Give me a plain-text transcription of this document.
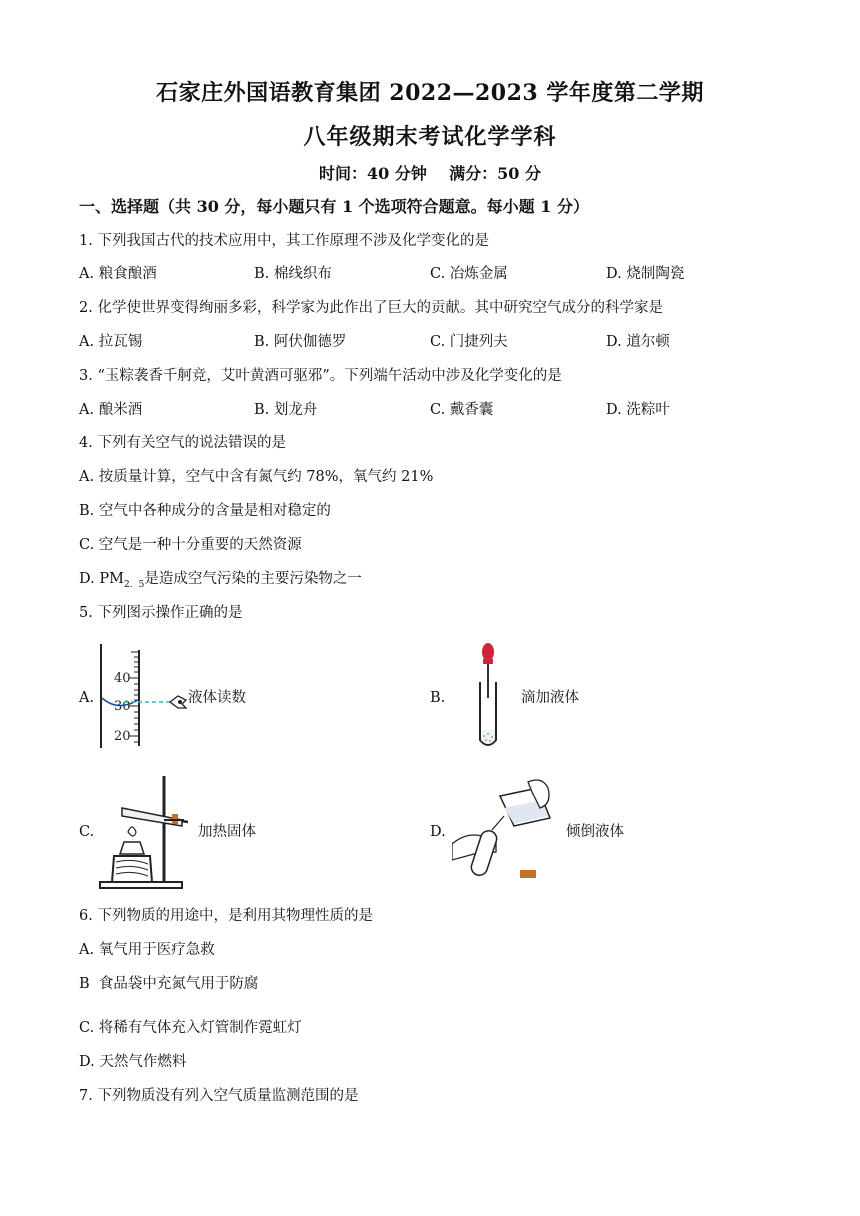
石家庄外国语教育集团 2022—2023 学年度第二学期
八年级期末考试化学学科
时间：40 分钟    满分：50 分
一、选择题（共 30 分，每小题只有 1 个选项符合题意。每小题 1 分）
1. 下列我国古代的技术应用中，其工作原理不涉及化学变化的是
A. 粮食酿酒	B. 棉线织布	C. 冶炼金属	D. 烧制陶瓷
2. 化学使世界变得绚丽多彩，科学家为此作出了巨大的贡献。其中研究空气成分的科学家是
A. 拉瓦锡	B. 阿伏伽德罗	C. 门捷列夫	D. 道尔顿
3. “玉粽袭香千舸竞，艾叶黄酒可驱邪”。下列端午活动中涉及化学变化的是
A. 酿米酒	B. 划龙舟	C. 戴香囊	D. 洗粽叶
4. 下列有关空气的说法错误的是
A. 按质量计算，空气中含有氮气约 78%，氧气约 21%
B. 空气中各种成分的含量是相对稳定的
C. 空气是一种十分重要的天然资源
D. $PM_{2.5}$是造成空气污染的主要污染物之一
5. 下列图示操作正确的是
A.
40
30
20
液体读数	B.	滴加液体
C.	加热固体	D.	倾倒液体
6. 下列物质的用途中，是利用其物理性质的是
A. 氧气用于医疗急救
B  食品袋中充氮气用于防腐
C. 将稀有气体充入灯管制作霓虹灯
D. 天然气作燃料
7. 下列物质没有列入空气质量监测范围的是
